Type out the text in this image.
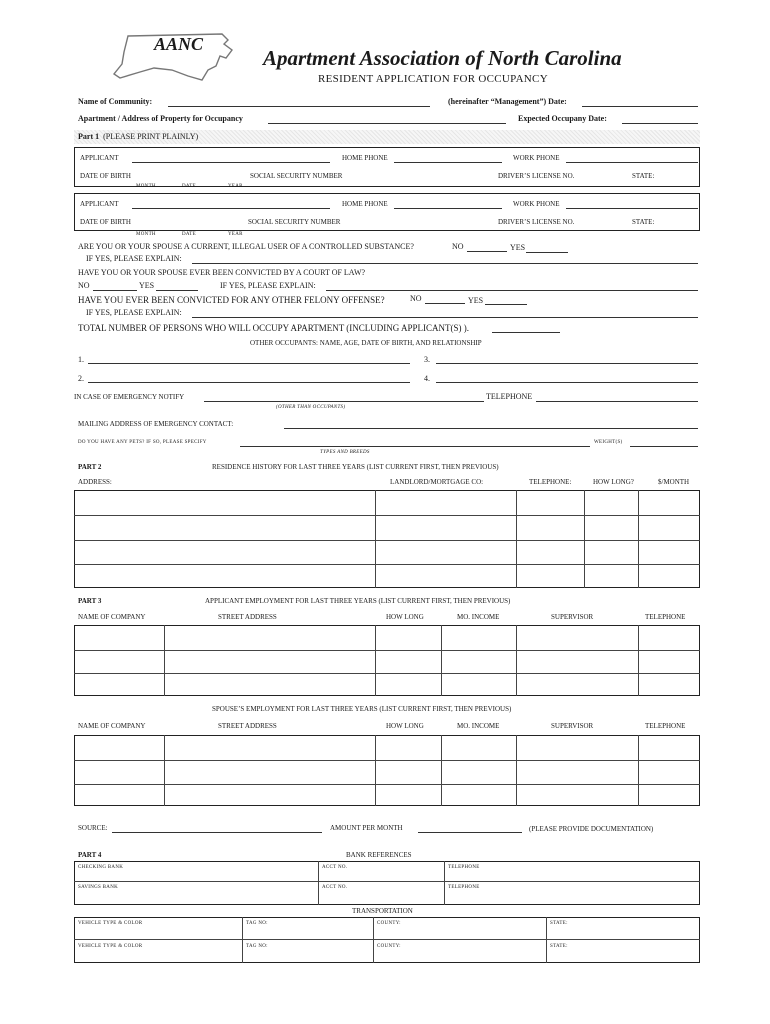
AANC
Apartment Association of North Carolina
RESIDENT APPLICATION FOR OCCUPANCY
Name of Community:	(hereinafter “Management”) Date:
Apartment / Address of Property for Occupancy	Expected Occupany Date:
Part 1 (PLEASE PRINT PLAINLY)
APPLICANT	HOME PHONE	WORK PHONE
DATE OF BIRTH	SOCIAL SECURITY NUMBER	DRIVER’S LICENSE NO.	STATE:
MONTH	DATE	YEAR
APPLICANT	HOME PHONE	WORK PHONE
DATE OF BIRTH	SOCIAL SECURITY NUMBER	DRIVER’S LICENSE NO.	STATE:
MONTH	DATE	YEAR
ARE YOU OR YOUR SPOUSE A CURRENT, ILLEGAL USER OF A CONTROLLED SUBSTANCE?	NO	YES
IF YES, PLEASE EXPLAIN:
HAVE YOU OR YOUR SPOUSE EVER BEEN CONVICTED BY A COURT OF LAW?
NO	YES	IF YES, PLEASE EXPLAIN:
HAVE YOU EVER BEEN CONVICTED FOR ANY OTHER FELONY OFFENSE?	NO	YES
IF YES, PLEASE EXPLAIN:
TOTAL NUMBER OF PERSONS WHO WILL OCCUPY APARTMENT (INCLUDING APPLICANT(S) ).
OTHER OCCUPANTS: NAME, AGE, DATE OF BIRTH, AND RELATIONSHIP
1.	3.
2.	4.
IN CASE OF EMERGENCY NOTIFY	TELEPHONE
(OTHER THAN OCCUPANTS)
MAILING ADDRESS OF EMERGENCY CONTACT:
DO YOU HAVE ANY PETS? IF SO, PLEASE SPECIFY	WEIGHT(S)
TYPES AND BREEDS
PART 2	RESIDENCE HISTORY FOR LAST THREE YEARS (LIST CURRENT FIRST, THEN PREVIOUS)
ADDRESS:	LANDLORD/MORTGAGE CO:	TELEPHONE:	HOW LONG?	$/MONTH
PART 3	APPLICANT EMPLOYMENT FOR LAST THREE YEARS (LIST CURRENT FIRST, THEN PREVIOUS)
NAME OF COMPANY	STREET ADDRESS	HOW LONG	MO. INCOME	SUPERVISOR	TELEPHONE
SPOUSE’S EMPLOYMENT FOR LAST THREE YEARS (LIST CURRENT FIRST, THEN PREVIOUS)
NAME OF COMPANY	STREET ADDRESS	HOW LONG	MO. INCOME	SUPERVISOR	TELEPHONE
SOURCE:	AMOUNT PER MONTH	(PLEASE PROVIDE DOCUMENTATION)
PART 4	BANK REFERENCES
CHECKING BANK	ACCT NO.	TELEPHONE
SAVINGS BANK	ACCT NO.	TELEPHONE
TRANSPORTATION
VEHICLE TYPE & COLOR	TAG NO:	COUNTY:	STATE:
VEHICLE TYPE & COLOR	TAG NO:	COUNTY:	STATE:
